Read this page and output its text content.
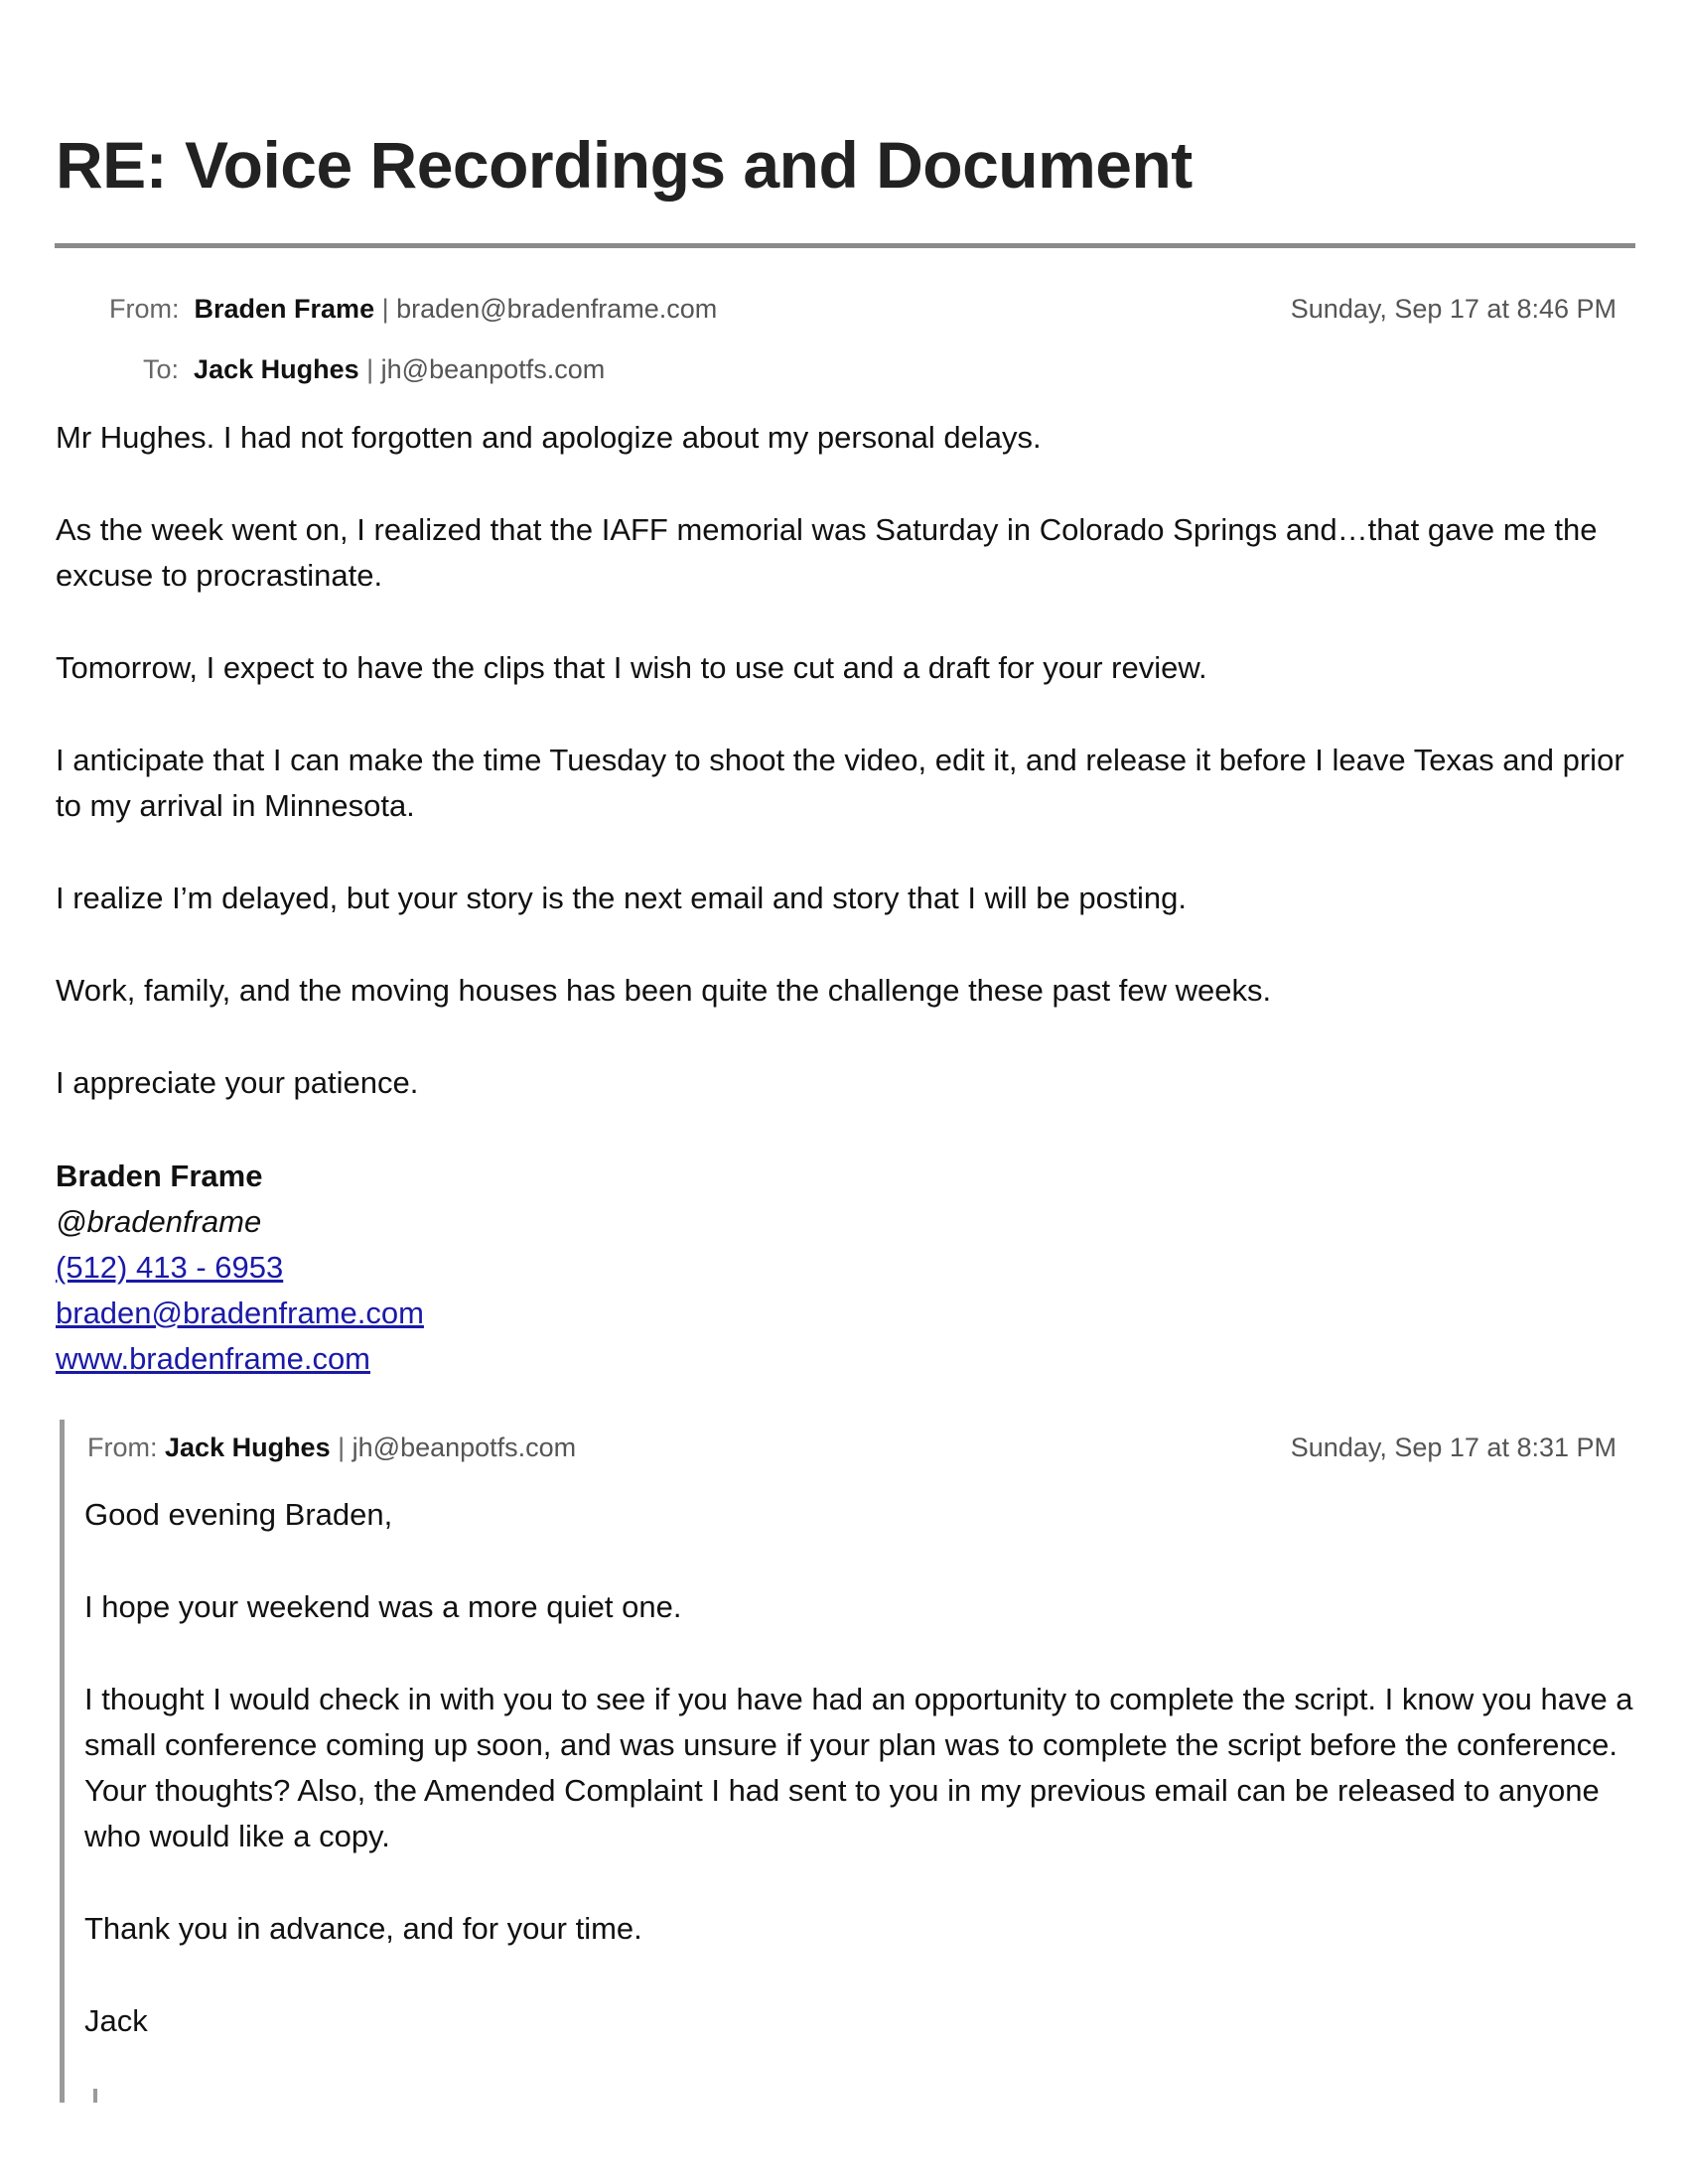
RE: Voice Recordings and Document
From: Braden Frame | braden@bradenframe.com	Sunday, Sep 17 at 8:46 PM
To: Jack Hughes | jh@beanpotfs.com

Mr Hughes. I had not forgotten and apologize about my personal delays.

As the week went on, I realized that the IAFF memorial was Saturday in Colorado Springs and…that gave me the excuse to procrastinate.

Tomorrow, I expect to have the clips that I wish to use cut and a draft for your review.

I anticipate that I can make the time Tuesday to shoot the video, edit it, and release it before I leave Texas and prior to my arrival in Minnesota.

I realize I’m delayed, but your story is the next email and story that I will be posting.

Work, family, and the moving houses has been quite the challenge these past few weeks.

I appreciate your patience.

Braden Frame
@bradenframe
(512) 413 - 6953
braden@bradenframe.com
www.bradenframe.com
From: Jack Hughes | jh@beanpotfs.com	Sunday, Sep 17 at 8:31 PM

Good evening Braden,

I hope your weekend was a more quiet one.

I thought I would check in with you to see if you have had an opportunity to complete the script. I know you have a small conference coming up soon, and was unsure if your plan was to complete the script before the conference. Your thoughts? Also, the Amended Complaint I had sent to you in my previous email can be released to anyone who would like a copy.

Thank you in advance, and for your time.

Jack
